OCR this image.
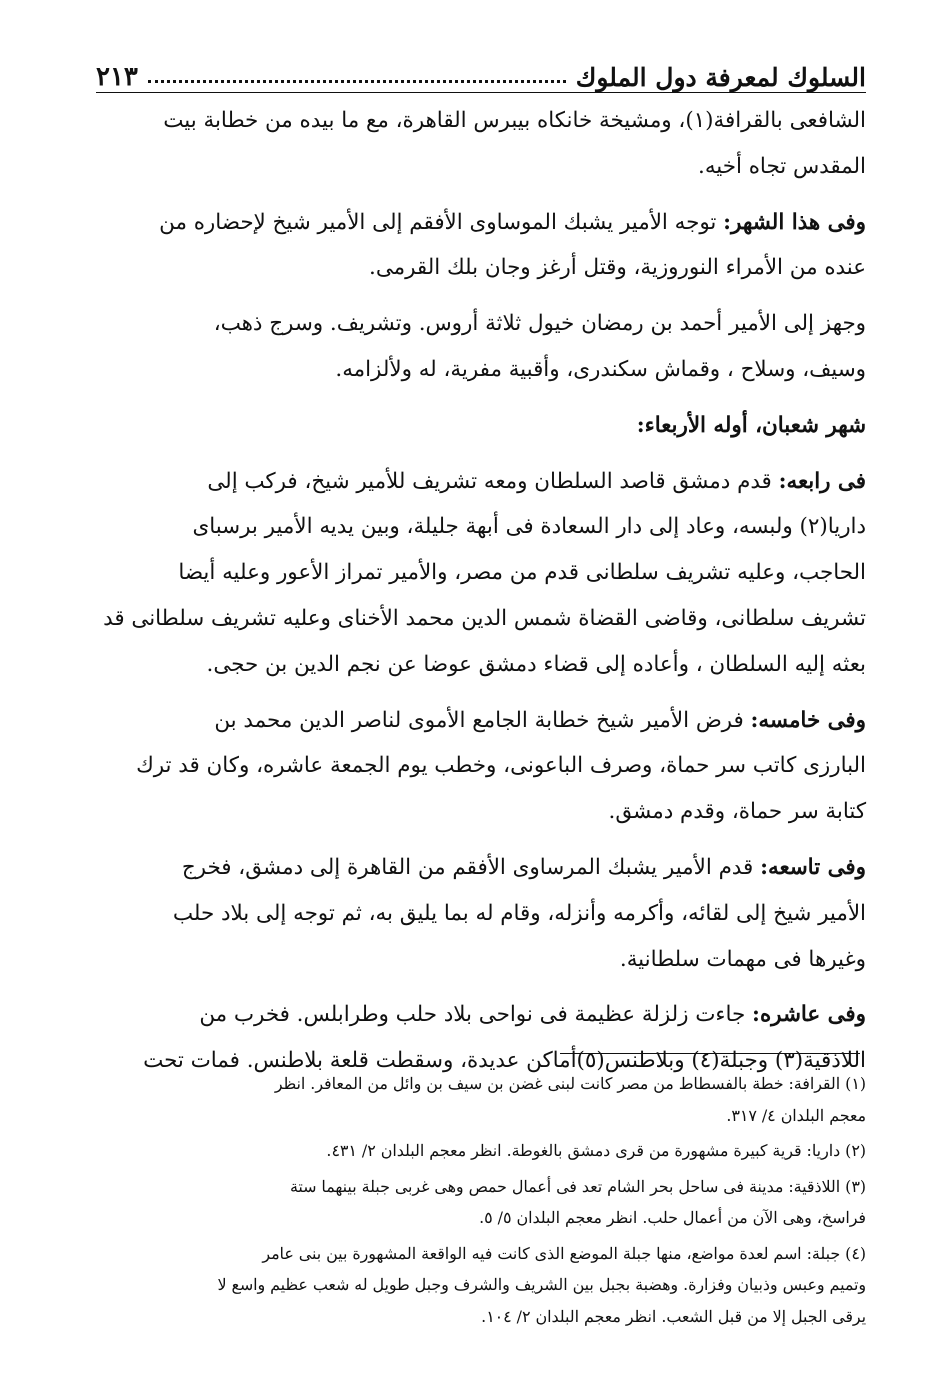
السلوك لمعرفة دول الملوك
٢١٣

الشافعى بالقرافة(١)، ومشيخة خانكاه بيبرس القاهرة، مع ما بيده من خطابة بيت
المقدس تجاه أخيه.

وفى هذا الشهر: توجه الأمير يشبك الموساوى الأفقم إلى الأمير شيخ لإحضاره من
عنده من الأمراء النوروزية، وقتل أرغز وجان بلك القرمى.

وجهز إلى الأمير أحمد بن رمضان خيول ثلاثة أروس. وتشريف. وسرج ذهب،
وسيف، وسلاح ، وقماش سكندرى، وأقبية مفرية، له ولألزامه.

شهر شعبان، أوله الأربعاء:

فى رابعه: قدم دمشق قاصد السلطان ومعه تشريف للأمير شيخ، فركب إلى
داريا(٢) ولبسه، وعاد إلى دار السعادة فى أبهة جليلة، وبين يديه الأمير برسباى
الحاجب، وعليه تشريف سلطانى قدم من مصر، والأمير تمراز الأعور وعليه أيضا
تشريف سلطانى، وقاضى القضاة شمس الدين محمد الأخناى وعليه تشريف سلطانى قد
بعثه إليه السلطان ، وأعاده إلى قضاء دمشق عوضا عن نجم الدين بن حجى.

وفى خامسه: فرض الأمير شيخ خطابة الجامع الأموى لناصر الدين محمد بن
البارزى كاتب سر حماة، وصرف الباعونى، وخطب يوم الجمعة عاشره، وكان قد ترك
كتابة سر حماة، وقدم دمشق.

وفى تاسعه: قدم الأمير يشبك المرساوى الأفقم من القاهرة إلى دمشق، فخرج
الأمير شيخ إلى لقائه، وأكرمه وأنزله، وقام له بما يليق به، ثم توجه إلى بلاد حلب
وغيرها فى مهمات سلطانية.

وفى عاشره: جاءت زلزلة عظيمة فى نواحى بلاد حلب وطرابلس. فخرب من
اللاذقية(٣) وجبلة(٤) وبلاطنس(٥)أماكن عديدة، وسقطت قلعة بلاطنس. فمات تحت

(١) القرافة: خطة بالفسطاط من مصر كانت لبنى غضن بن سيف بن وائل من المعافر. انظر
معجم البلدان ٤/ ٣١٧.

(٢) داريا: قرية كبيرة مشهورة من قرى دمشق بالغوطة. انظر معجم البلدان ٢/ ٤٣١.

(٣) اللاذقية: مدينة فى ساحل بحر الشام تعد فى أعمال حمص وهى غربى جبلة بينهما ستة
فراسخ، وهى الآن من أعمال حلب. انظر معجم البلدان ٥/ ٥.

(٤) جبلة: اسم لعدة مواضع، منها جبلة الموضع الذى كانت فيه الواقعة المشهورة بين بنى عامر
وتميم وعبس وذبيان وفزارة. وهضبة بجبل بين الشريف والشرف وجبل طويل له شعب عظيم واسع لا
يرقى الجبل إلا من قبل الشعب. انظر معجم البلدان ٢/ ١٠٤.
